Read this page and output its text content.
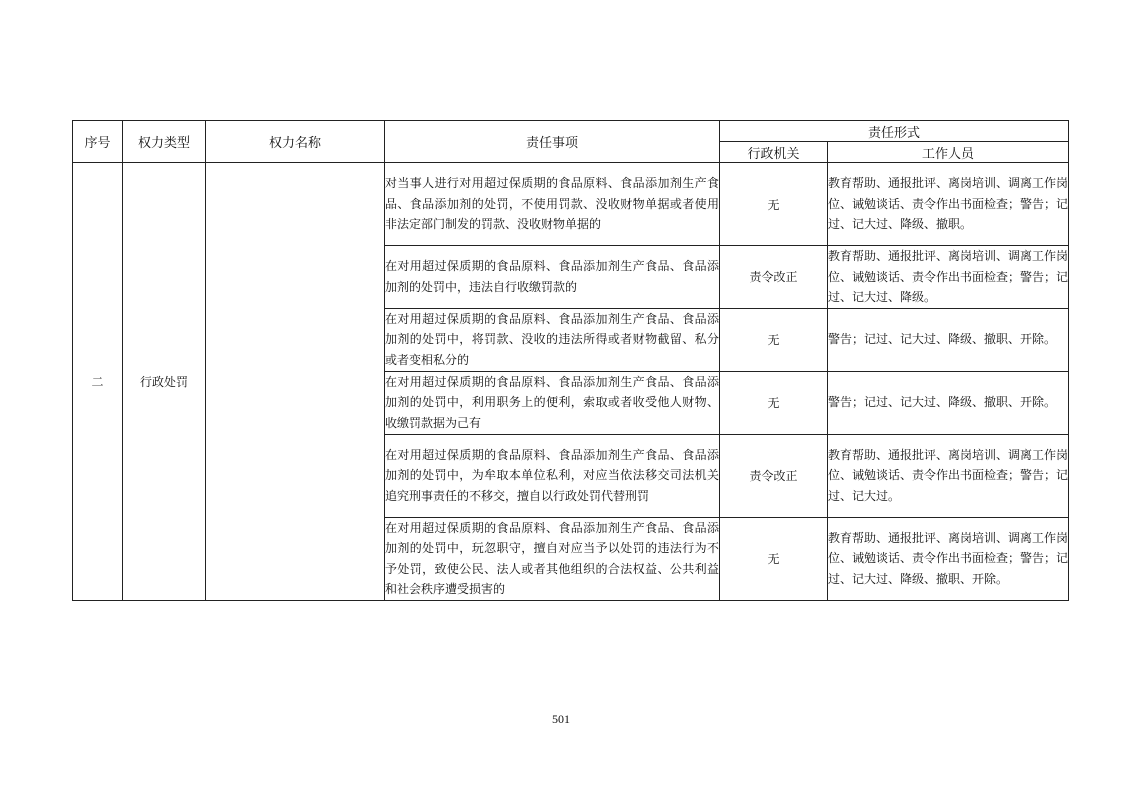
序号	权力类型	权力名称	责任事项	责任形式	
				行政机关	工作人员
二	行政处罚		对当事人进行对用超过保质期的食品原料、食品添加剂生产食品、食品添加剂的处罚，不使用罚款、没收财物单据或者使用非法定部门制发的罚款、没收财物单据的	无	教育帮助、通报批评、离岗培训、调离工作岗位、诫勉谈话、责令作出书面检查；警告；记过、记大过、降级、撤职。
			在对用超过保质期的食品原料、食品添加剂生产食品、食品添加剂的处罚中，违法自行收缴罚款的	责令改正	教育帮助、通报批评、离岗培训、调离工作岗位、诫勉谈话、责令作出书面检查；警告；记过、记大过、降级。
			在对用超过保质期的食品原料、食品添加剂生产食品、食品添加剂的处罚中，将罚款、没收的违法所得或者财物截留、私分或者变相私分的	无	警告；记过、记大过、降级、撤职、开除。
			在对用超过保质期的食品原料、食品添加剂生产食品、食品添加剂的处罚中，利用职务上的便利，索取或者收受他人财物、收缴罚款据为己有	无	警告；记过、记大过、降级、撤职、开除。
			在对用超过保质期的食品原料、食品添加剂生产食品、食品添加剂的处罚中，为牟取本单位私利，对应当依法移交司法机关追究刑事责任的不移交，擅自以行政处罚代替刑罚	责令改正	教育帮助、通报批评、离岗培训、调离工作岗位、诫勉谈话、责令作出书面检查；警告；记过、记大过。
			在对用超过保质期的食品原料、食品添加剂生产食品、食品添加剂的处罚中，玩忽职守，擅自对应当予以处罚的违法行为不予处罚，致使公民、法人或者其他组织的合法权益、公共利益和社会秩序遭受损害的	无	教育帮助、通报批评、离岗培训、调离工作岗位、诫勉谈话、责令作出书面检查；警告；记过、记大过、降级、撤职、开除。
501
